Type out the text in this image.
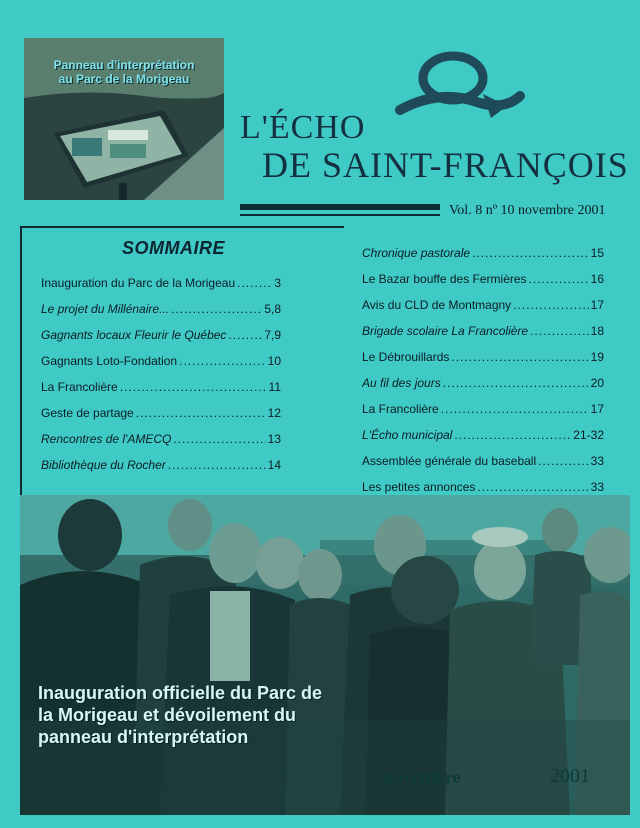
Panneau d'interprétation
au Parc de la Morigeau
L'ÉCHO
DE SAINT-FRANÇOIS
Vol. 8 nº 10 novembre 2001
SOMMAIRE
Inauguration du Parc de la Morigeau .....	3
Le projet du Millénaire... .....	5,8
Gagnants locaux Fleurir le Québec .....	7,9
Gagnants Loto-Fondation .....	10
La Francolière .....	11
Geste de partage .....	12
Rencontres de l'AMECQ .....	13
Bibliothèque du Rocher .....	14
Chronique pastorale .....	15
Le Bazar bouffe des Fermières .....	16
Avis du CLD de Montmagny .....	17
Brigade scolaire La Francolière .....	18
Le Débrouillards .....	19
Au fil des jours .....	20
La Francolière .....	17
L'Écho municipal .....	21-32
Assemblée générale du baseball .....	33
Les petites annonces .....	33
Inauguration officielle du Parc de
la Morigeau et dévoilement du
panneau d'interprétation
novembre	2001
